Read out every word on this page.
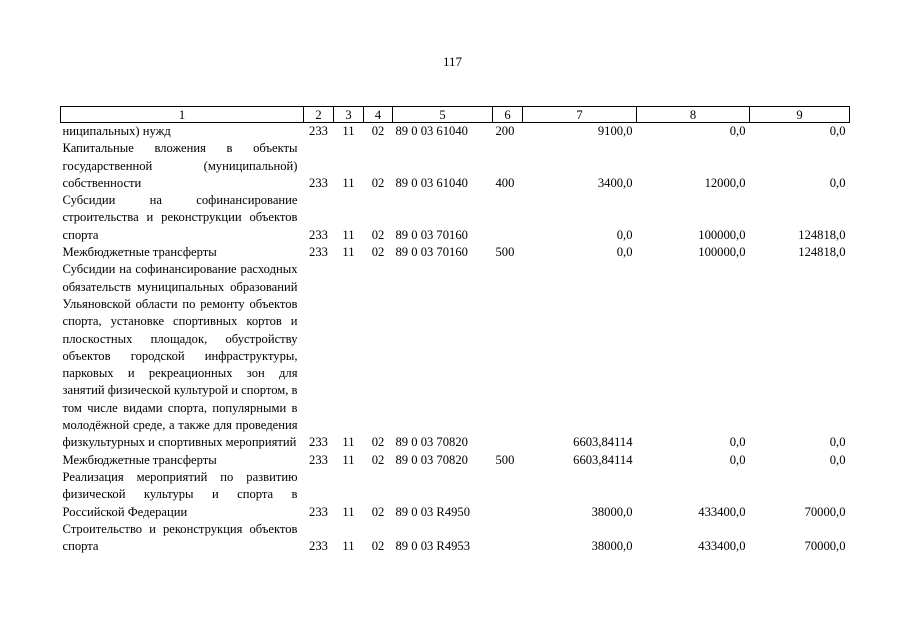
117
1	2	3	4	5	6	7	8	9
ниципальных) нужд	233	11	02	89 0 03 61040	200	9100,0	0,0	0,0
Капитальные вложения в объекты государственной (муниципальной) собственности	233	11	02	89 0 03 61040	400	3400,0	12000,0	0,0
Субсидии на софинансирование строительства и реконструкции объектов спорта	233	11	02	89 0 03 70160		0,0	100000,0	124818,0
Межбюджетные трансферты	233	11	02	89 0 03 70160	500	0,0	100000,0	124818,0
Субсидии на софинансирование расходных обязательств муниципальных образований Ульяновской области по ремонту объектов спорта, установке спортивных кортов и плоскостных площадок, обустройству объектов городской инфраструктуры, парковых и рекреационных зон для занятий физической культурой и спортом, в том числе видами спорта, популярными в молодёжной среде, а также для проведения физкультурных и спортивных мероприятий	233	11	02	89 0 03 70820		6603,84114	0,0	0,0
Межбюджетные трансферты	233	11	02	89 0 03 70820	500	6603,84114	0,0	0,0
Реализация мероприятий по развитию физической культуры и спорта в Российской Федерации	233	11	02	89 0 03 R4950		38000,0	433400,0	70000,0
Строительство и реконструкция объектов спорта	233	11	02	89 0 03 R4953		38000,0	433400,0	70000,0
